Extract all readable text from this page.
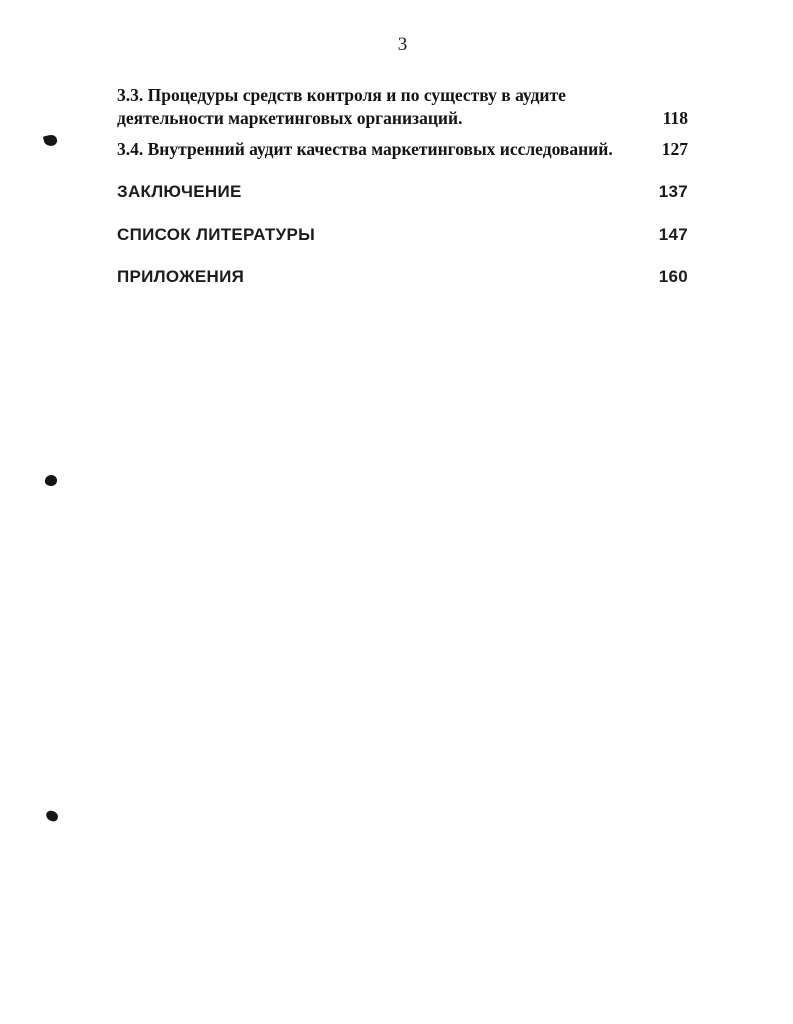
3
3.3. Процедуры средств контроля и по существу в аудите деятельности маркетинговых организаций.	118
3.4. Внутренний аудит качества маркетинговых исследований.	127
ЗАКЛЮЧЕНИЕ	137
СПИСОК ЛИТЕРАТУРЫ	147
ПРИЛОЖЕНИЯ	160
